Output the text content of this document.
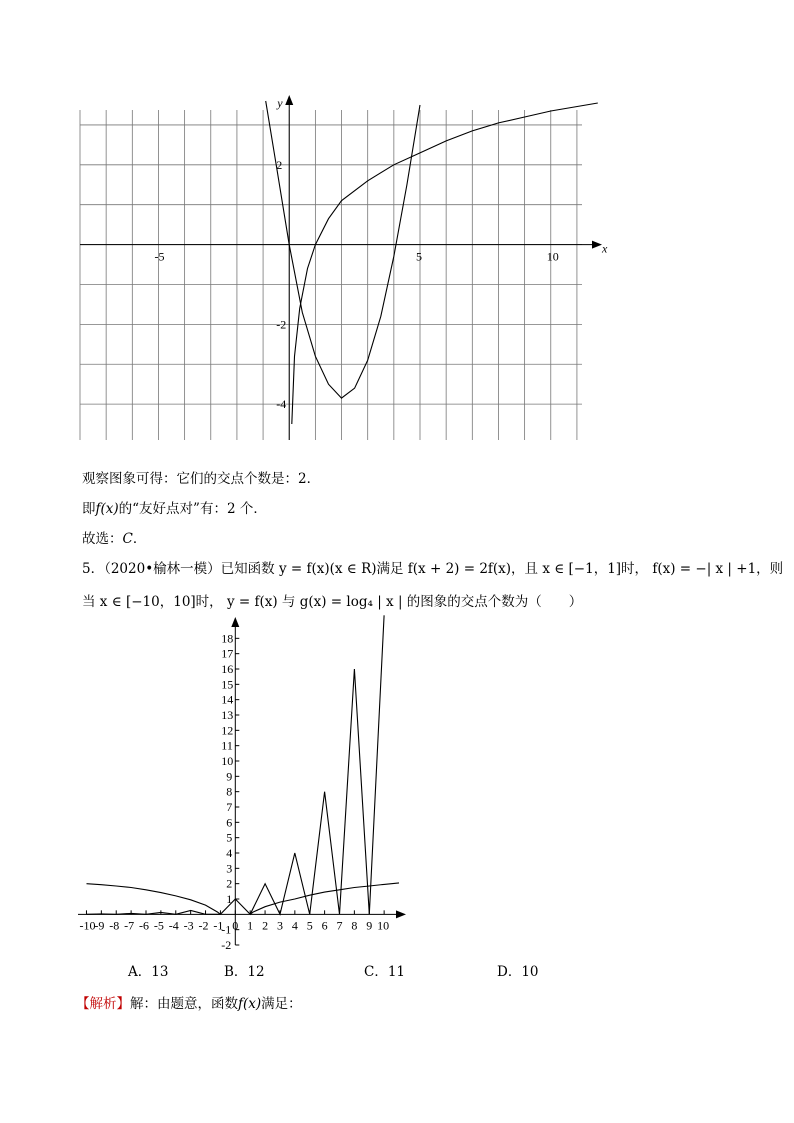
x
y
-5	5	10
2
-2
-4
观察图象可得：它们的交点个数是：2．
即f(x)的“友好点对”有：2 个．
故选：C．
5．（2020•榆林一模）已知函数 y = f(x)(x ∈ R)满足 f(x + 2) = 2f(x)，且 x ∈ [−1，1]时， f(x) = −| x | +1，则
当 x ∈ [−10，10]时， y = f(x) 与 g(x) = log₄ | x | 的图象的交点个数为（　　）
-10
-9 -8 -7 -6 -5 -4 -3 -2 -1 0 1 2 3 4 5 6 7 8 9 10
18
17
16
15
14
13
12
11
10
9
8
7
6
5
4
3
2
1
-1
-2
A．13	B．12	C．11	D．10
【解析】解：由题意，函数f(x)满足：
